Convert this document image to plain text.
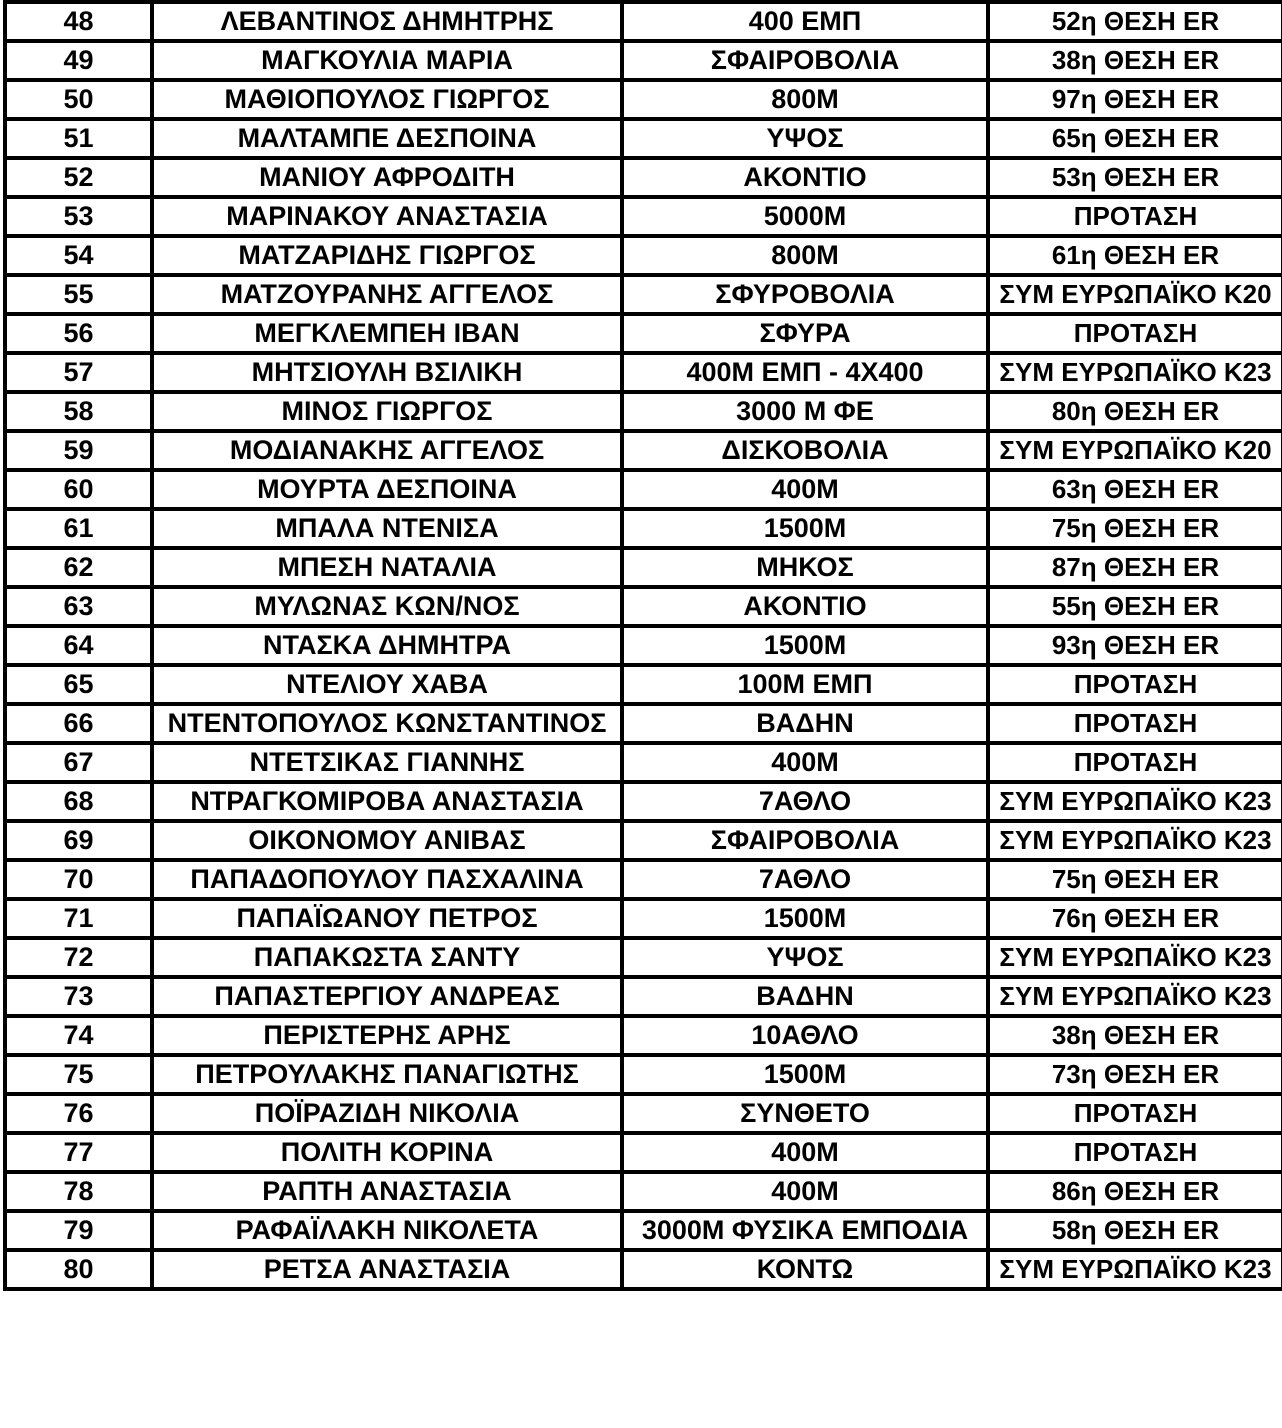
48	ΛΕΒΑΝΤΙΝΟΣ ΔΗΜΗΤΡΗΣ	400 ΕΜΠ	52η ΘΕΣΗ ER
49	ΜΑΓΚΟΥΛΙΑ ΜΑΡΙΑ	ΣΦΑΙΡΟΒΟΛΙΑ	38η ΘΕΣΗ ER
50	ΜΑΘΙΟΠΟΥΛΟΣ ΓΙΩΡΓΟΣ	800Μ	97η ΘΕΣΗ ER
51	ΜΑΛΤΑΜΠΕ ΔΕΣΠΟΙΝΑ	ΥΨΟΣ	65η ΘΕΣΗ ER
52	ΜΑΝΙΟΥ ΑΦΡΟΔΙΤΗ	ΑΚΟΝΤΙΟ	53η ΘΕΣΗ ER
53	ΜΑΡΙΝΑΚΟΥ ΑΝΑΣΤΑΣΙΑ	5000Μ	ΠΡΟΤΑΣΗ
54	ΜΑΤΖΑΡΙΔΗΣ ΓΙΩΡΓΟΣ	800Μ	61η ΘΕΣΗ ER
55	ΜΑΤΖΟΥΡΑΝΗΣ ΑΓΓΕΛΟΣ	ΣΦΥΡΟΒΟΛΙΑ	ΣΥΜ ΕΥΡΩΠΑΪΚΟ Κ20
56	ΜΕΓΚΛΕΜΠΕΗ ΙΒΑΝ	ΣΦΥΡΑ	ΠΡΟΤΑΣΗ
57	ΜΗΤΣΙΟΥΛΗ ΒΣΙΛΙΚΗ	400Μ ΕΜΠ - 4Χ400	ΣΥΜ ΕΥΡΩΠΑΪΚΟ Κ23
58	ΜΙΝΟΣ ΓΙΩΡΓΟΣ	3000 Μ ΦΕ	80η ΘΕΣΗ ER
59	ΜΟΔΙΑΝΑΚΗΣ ΑΓΓΕΛΟΣ	ΔΙΣΚΟΒΟΛΙΑ	ΣΥΜ ΕΥΡΩΠΑΪΚΟ Κ20
60	ΜΟΥΡΤΑ ΔΕΣΠΟΙΝΑ	400Μ	63η ΘΕΣΗ ER
61	ΜΠΑΛΑ ΝΤΕΝΙΣΑ	1500Μ	75η ΘΕΣΗ ER
62	ΜΠΕΣΗ ΝΑΤΑΛΙΑ	ΜΗΚΟΣ	87η ΘΕΣΗ ER
63	ΜΥΛΩΝΑΣ ΚΩΝ/ΝΟΣ	ΑΚΟΝΤΙΟ	55η ΘΕΣΗ ER
64	ΝΤΑΣΚΑ ΔΗΜΗΤΡΑ	1500Μ	93η ΘΕΣΗ ER
65	ΝΤΕΛΙΟΥ ΧΑΒΑ	100Μ ΕΜΠ	ΠΡΟΤΑΣΗ
66	ΝΤΕΝΤΟΠΟΥΛΟΣ ΚΩΝΣΤΑΝΤΙΝΟΣ	ΒΑΔΗΝ	ΠΡΟΤΑΣΗ
67	ΝΤΕΤΣΙΚΑΣ ΓΙΑΝΝΗΣ	400Μ	ΠΡΟΤΑΣΗ
68	ΝΤΡΑΓΚΟΜΙΡΟΒΑ ΑΝΑΣΤΑΣΙΑ	7ΑΘΛΟ	ΣΥΜ ΕΥΡΩΠΑΪΚΟ Κ23
69	ΟΙΚΟΝΟΜΟΥ ΑΝΙΒΑΣ	ΣΦΑΙΡΟΒΟΛΙΑ	ΣΥΜ ΕΥΡΩΠΑΪΚΟ Κ23
70	ΠΑΠΑΔΟΠΟΥΛΟΥ ΠΑΣΧΑΛΙΝΑ	7ΑΘΛΟ	75η ΘΕΣΗ ER
71	ΠΑΠΑΪΩΑΝΟΥ ΠΕΤΡΟΣ	1500Μ	76η ΘΕΣΗ ER
72	ΠΑΠΑΚΩΣΤΑ ΣΑΝΤΥ	ΥΨΟΣ	ΣΥΜ ΕΥΡΩΠΑΪΚΟ Κ23
73	ΠΑΠΑΣΤΕΡΓΙΟΥ ΑΝΔΡΕΑΣ	ΒΑΔΗΝ	ΣΥΜ ΕΥΡΩΠΑΪΚΟ Κ23
74	ΠΕΡΙΣΤΕΡΗΣ ΑΡΗΣ	10ΑΘΛΟ	38η ΘΕΣΗ ER
75	ΠΕΤΡΟΥΛΑΚΗΣ ΠΑΝΑΓΙΩΤΗΣ	1500Μ	73η ΘΕΣΗ ER
76	ΠΟΪΡΑΖΙΔΗ ΝΙΚΟΛΙΑ	ΣΥΝΘΕΤΟ	ΠΡΟΤΑΣΗ
77	ΠΟΛΙΤΗ ΚΟΡΙΝΑ	400Μ	ΠΡΟΤΑΣΗ
78	ΡΑΠΤΗ ΑΝΑΣΤΑΣΙΑ	400Μ	86η ΘΕΣΗ ER
79	ΡΑΦΑΪΛΑΚΗ ΝΙΚΟΛΕΤΑ	3000Μ ΦΥΣΙΚΑ ΕΜΠΟΔΙΑ	58η ΘΕΣΗ ER
80	ΡΕΤΣΑ ΑΝΑΣΤΑΣΙΑ	ΚΟΝΤΩ	ΣΥΜ ΕΥΡΩΠΑΪΚΟ Κ23
